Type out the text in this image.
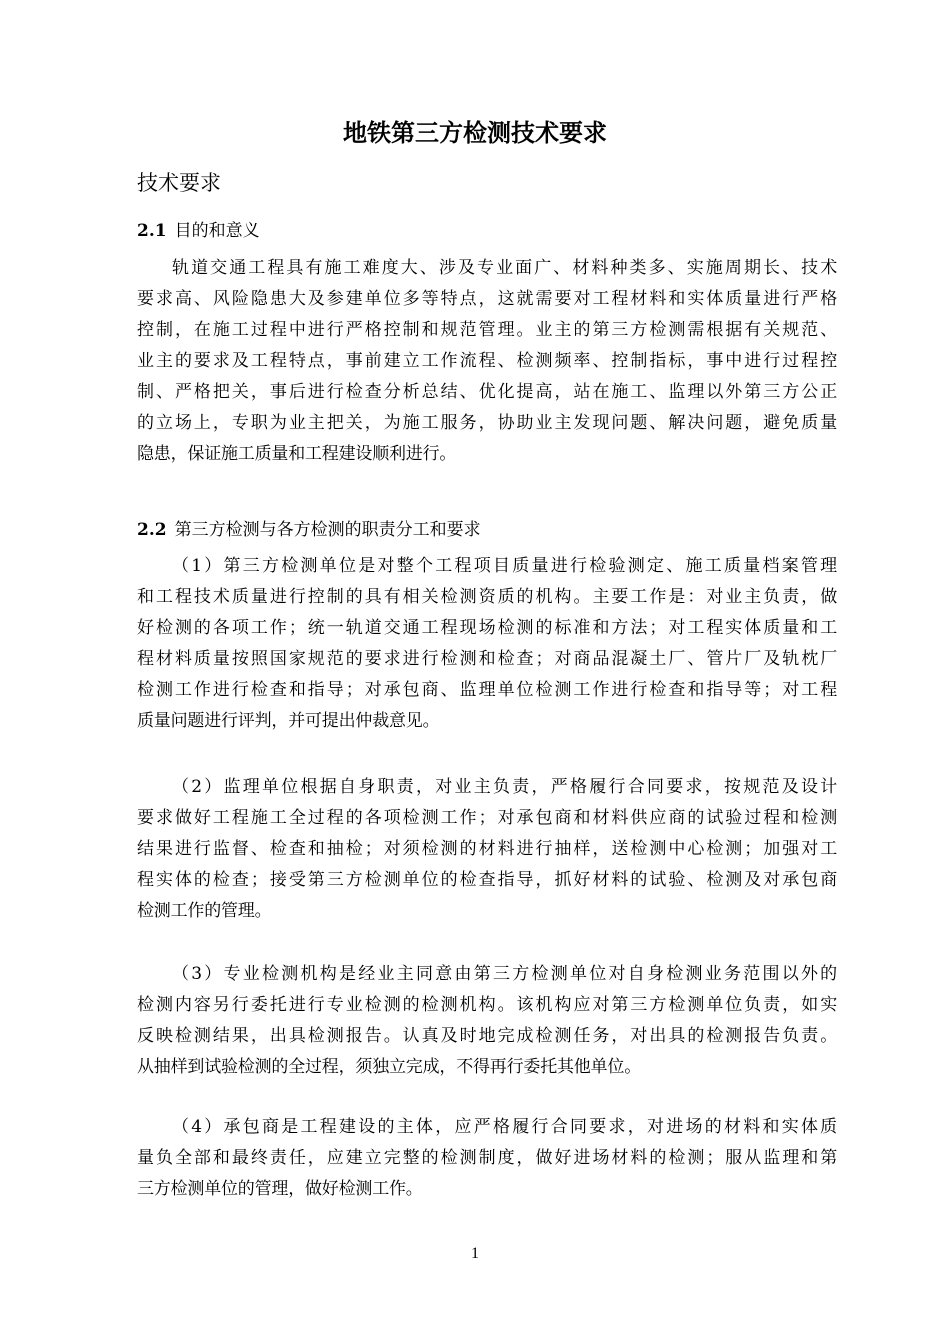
地铁第三方检测技术要求
技术要求
2.1 目的和意义
轨道交通工程具有施工难度大、涉及专业面广、材料种类多、实施周期长、技术
要求高、风险隐患大及参建单位多等特点，这就需要对工程材料和实体质量进行严格
控制，在施工过程中进行严格控制和规范管理。业主的第三方检测需根据有关规范、
业主的要求及工程特点，事前建立工作流程、检测频率、控制指标，事中进行过程控
制、严格把关，事后进行检查分析总结、优化提高，站在施工、监理以外第三方公正
的立场上，专职为业主把关，为施工服务，协助业主发现问题、解决问题，避免质量
隐患，保证施工质量和工程建设顺利进行。
2.2 第三方检测与各方检测的职责分工和要求
（1）第三方检测单位是对整个工程项目质量进行检验测定、施工质量档案管理
和工程技术质量进行控制的具有相关检测资质的机构。主要工作是：对业主负责，做
好检测的各项工作；统一轨道交通工程现场检测的标准和方法；对工程实体质量和工
程材料质量按照国家规范的要求进行检测和检查；对商品混凝土厂、管片厂及轨枕厂
检测工作进行检查和指导；对承包商、监理单位检测工作进行检查和指导等；对工程
质量问题进行评判，并可提出仲裁意见。
（2）监理单位根据自身职责，对业主负责，严格履行合同要求，按规范及设计
要求做好工程施工全过程的各项检测工作；对承包商和材料供应商的试验过程和检测
结果进行监督、检查和抽检；对须检测的材料进行抽样，送检测中心检测；加强对工
程实体的检查；接受第三方检测单位的检查指导，抓好材料的试验、检测及对承包商
检测工作的管理。
（3）专业检测机构是经业主同意由第三方检测单位对自身检测业务范围以外的
检测内容另行委托进行专业检测的检测机构。该机构应对第三方检测单位负责，如实
反映检测结果，出具检测报告。认真及时地完成检测任务，对出具的检测报告负责。
从抽样到试验检测的全过程，须独立完成，不得再行委托其他单位。
（4）承包商是工程建设的主体，应严格履行合同要求，对进场的材料和实体质
量负全部和最终责任，应建立完整的检测制度，做好进场材料的检测；服从监理和第
三方检测单位的管理，做好检测工作。
1
